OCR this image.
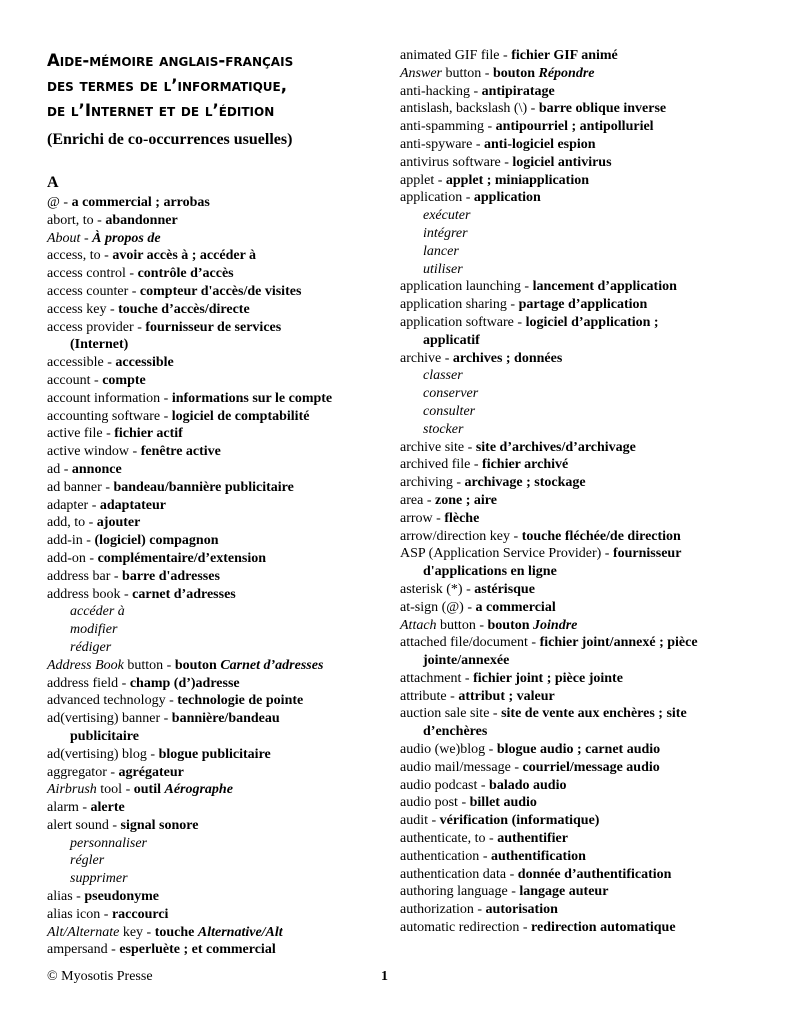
Aide-mémoire anglais-français
des termes de l’informatique,
de l’Internet et de l’édition
(Enrichi de co-occurrences usuelles)
A
@ - a commercial ; arrobas
abort, to - abandonner
About - À propos de
access, to - avoir accès à ; accéder à
access control - contrôle d’accès
access counter - compteur d'accès/de visites
access key - touche d’accès/directe
access provider - fournisseur de services
(Internet)
accessible - accessible
account - compte
account information - informations sur le compte
accounting software - logiciel de comptabilité
active file - fichier actif
active window - fenêtre active
ad - annonce
ad banner - bandeau/bannière publicitaire
adapter - adaptateur
add, to - ajouter
add-in - (logiciel) compagnon
add-on - complémentaire/d’extension
address bar - barre d'adresses
address book - carnet d’adresses
accéder à
modifier
rédiger
Address Book button - bouton Carnet d’adresses
address field - champ (d’)adresse
advanced technology - technologie de pointe
ad(vertising) banner - bannière/bandeau
publicitaire
ad(vertising) blog - blogue publicitaire
aggregator - agrégateur
Airbrush tool - outil Aérographe
alarm - alerte
alert sound - signal sonore
personnaliser
régler
supprimer
alias - pseudonyme
alias icon - raccourci
Alt/Alternate key - touche Alternative/Alt
ampersand - esperluète ; et commercial
animated GIF file - fichier GIF animé
Answer button - bouton Répondre
anti-hacking - antipiratage
antislash, backslash (\) - barre oblique inverse
anti-spamming - antipourriel ; antipolluriel
anti-spyware - anti-logiciel espion
antivirus software - logiciel antivirus
applet - applet ; miniapplication
application - application
exécuter
intégrer
lancer
utiliser
application launching - lancement d’application
application sharing - partage d’application
application software - logiciel d’application ;
applicatif
archive - archives ; données
classer
conserver
consulter
stocker
archive site - site d’archives/d’archivage
archived file - fichier archivé
archiving - archivage ; stockage
area - zone ; aire
arrow - flèche
arrow/direction key - touche fléchée/de direction
ASP (Application Service Provider) - fournisseur
d'applications en ligne
asterisk (*) - astérisque
at-sign (@) - a commercial
Attach button - bouton Joindre
attached file/document - fichier joint/annexé ; pièce
jointe/annexée
attachment - fichier joint ; pièce jointe
attribute - attribut ; valeur
auction sale site - site de vente aux enchères ; site
d’enchères
audio (we)blog - blogue audio ; carnet audio
audio mail/message - courriel/message audio
audio podcast - balado audio
audio post - billet audio
audit - vérification (informatique)
authenticate, to - authentifier
authentication - authentification
authentication data - donnée d’authentification
authoring language - langage auteur
authorization - autorisation
automatic redirection - redirection automatique
© Myosotis Presse	1
